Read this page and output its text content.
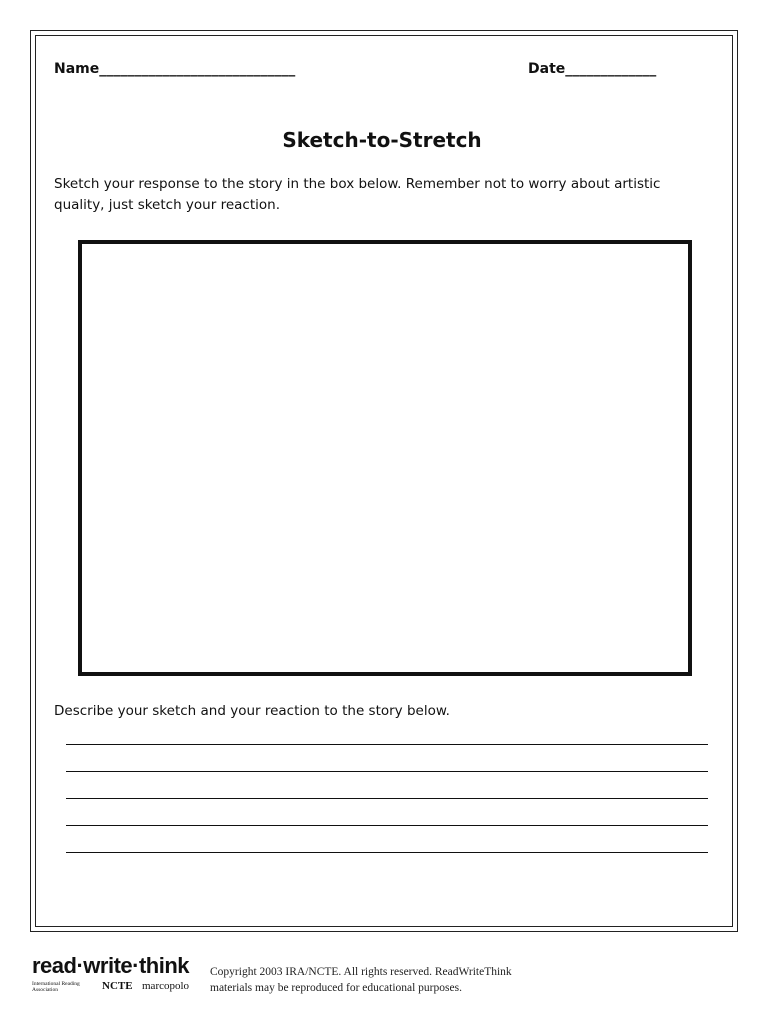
Name____________________________	Date_____________
Sketch-to-Stretch
Sketch your response to the story in the box below. Remember not to worry about artistic quality, just sketch your reaction.
Describe your sketch and your reaction to the story below.
read·write·think
International Reading Association	NCTE marcopolo
Copyright 2003 IRA/NCTE. All rights reserved. ReadWriteThink
materials may be reproduced for educational purposes.
